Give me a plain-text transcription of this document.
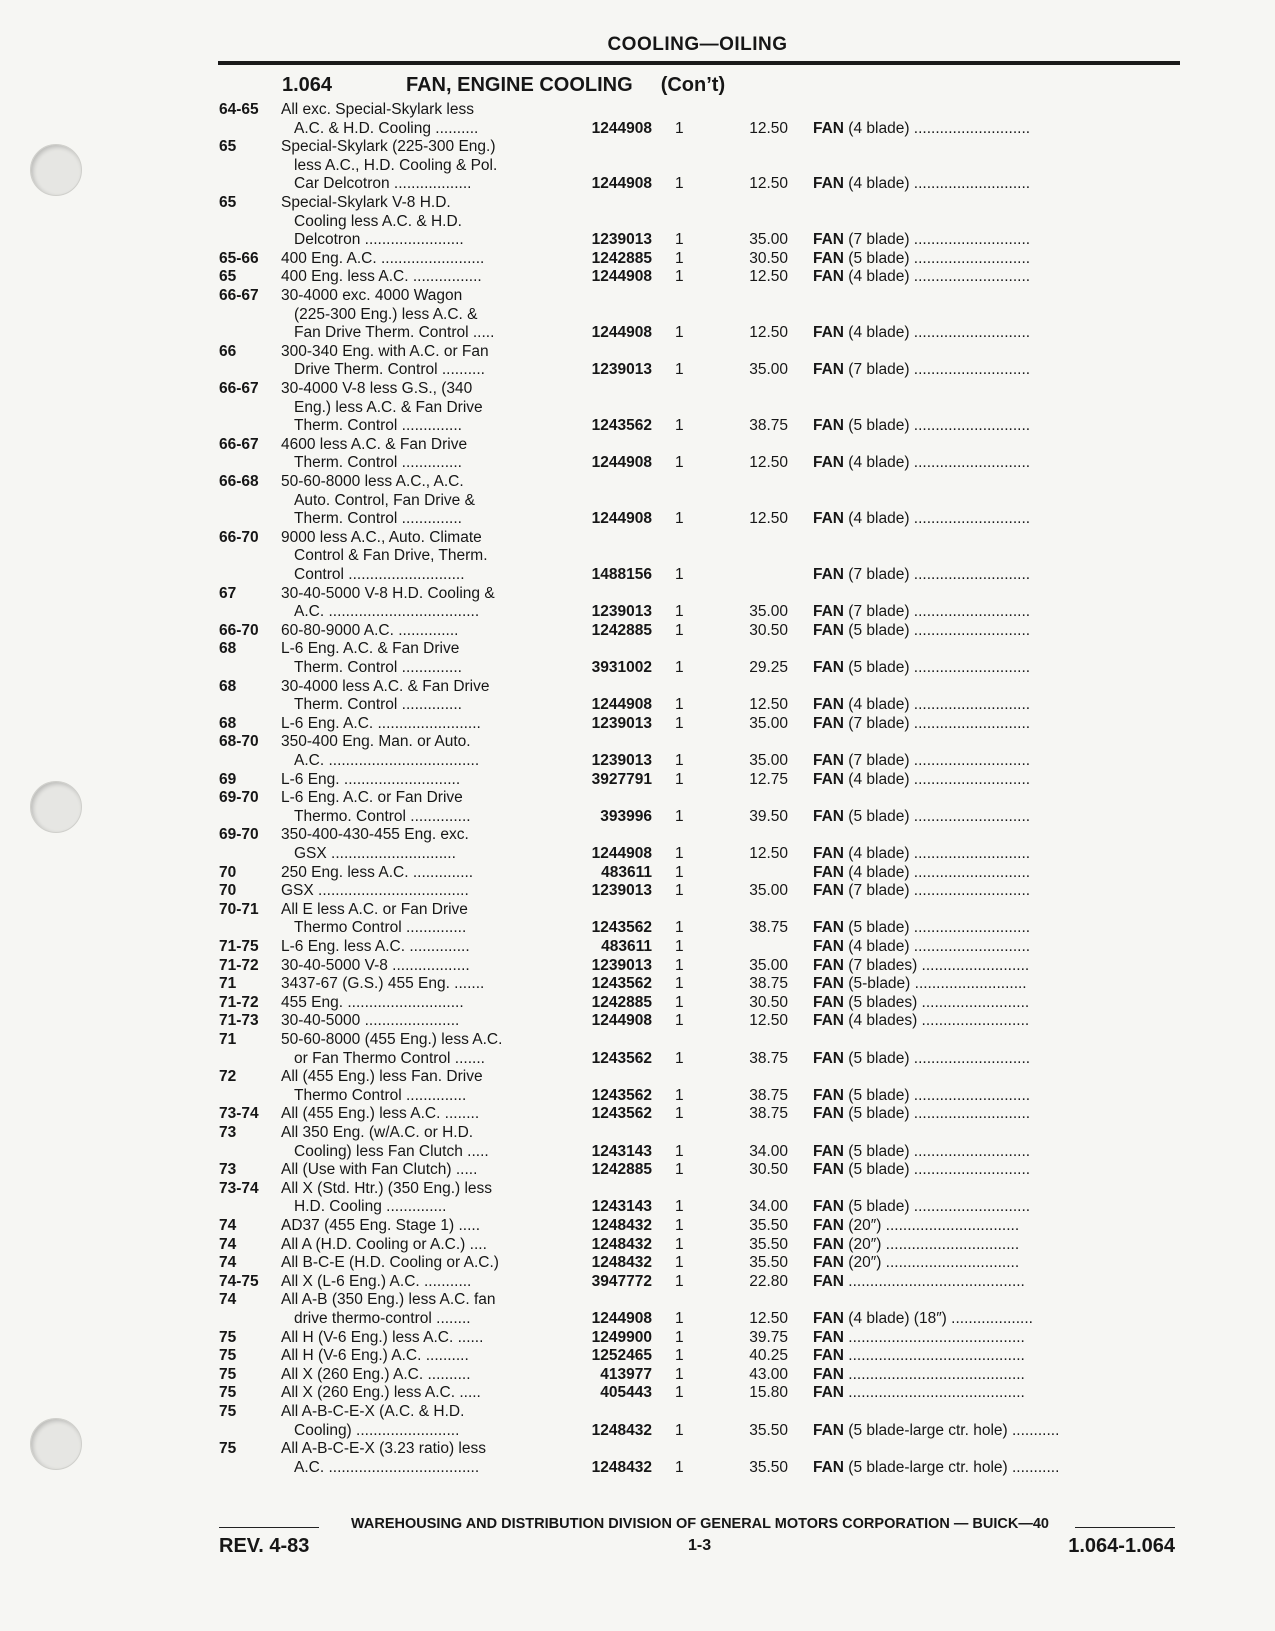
COOLING—OILING
1.064	FAN, ENGINE COOLING (Con’t)
64-65 All exc. Special-Skylark less
A.C. & H.D. Cooling ..........	1244908 1	12.50 FAN (4 blade) ...........................
65	Special-Skylark (225-300 Eng.)
less A.C., H.D. Cooling & Pol.
Car Delcotron ..................	1244908 1	12.50 FAN (4 blade) ...........................
65	Special-Skylark V-8 H.D.
Cooling less A.C. & H.D.
Delcotron .......................	1239013 1	35.00 FAN (7 blade) ...........................
65-66 400 Eng. A.C. ........................	1242885 1	30.50 FAN (5 blade) ...........................
65	400 Eng. less A.C. ................	1244908 1	12.50 FAN (4 blade) ...........................
66-67 30-4000 exc. 4000 Wagon
(225-300 Eng.) less A.C. &
Fan Drive Therm. Control .....	1244908 1	12.50 FAN (4 blade) ...........................
66	300-340 Eng. with A.C. or Fan
Drive Therm. Control ..........	1239013 1	35.00 FAN (7 blade) ...........................
66-67 30-4000 V-8 less G.S., (340
Eng.) less A.C. & Fan Drive
Therm. Control ..............	1243562 1	38.75 FAN (5 blade) ...........................
66-67 4600 less A.C. & Fan Drive
Therm. Control ..............	1244908 1	12.50 FAN (4 blade) ...........................
66-68 50-60-8000 less A.C., A.C.
Auto. Control, Fan Drive &
Therm. Control ..............	1244908 1	12.50 FAN (4 blade) ...........................
66-70 9000 less A.C., Auto. Climate
Control & Fan Drive, Therm.
Control ...........................	1488156 1	FAN (7 blade) ...........................
67	30-40-5000 V-8 H.D. Cooling &
A.C. ...................................	1239013 1	35.00 FAN (7 blade) ...........................
66-70 60-80-9000 A.C. ..............	1242885 1	30.50 FAN (5 blade) ...........................
68	L-6 Eng. A.C. & Fan Drive
Therm. Control ..............	3931002 1	29.25 FAN (5 blade) ...........................
68	30-4000 less A.C. & Fan Drive
Therm. Control ..............	1244908 1	12.50 FAN (4 blade) ...........................
68	L-6 Eng. A.C. ........................	1239013 1	35.00 FAN (7 blade) ...........................
68-70 350-400 Eng. Man. or Auto.
A.C. ...................................	1239013 1	35.00 FAN (7 blade) ...........................
69	L-6 Eng. ...........................	3927791 1	12.75 FAN (4 blade) ...........................
69-70 L-6 Eng. A.C. or Fan Drive
Thermo. Control ..............	393996 1	39.50 FAN (5 blade) ...........................
69-70 350-400-430-455 Eng. exc.
GSX .............................	1244908 1	12.50 FAN (4 blade) ...........................
70	250 Eng. less A.C. ..............	483611 1	FAN (4 blade) ...........................
70	GSX ...................................	1239013 1	35.00 FAN (7 blade) ...........................
70-71 All E less A.C. or Fan Drive
Thermo Control ..............	1243562 1	38.75 FAN (5 blade) ...........................
71-75 L-6 Eng. less A.C. ..............	483611 1	FAN (4 blade) ...........................
71-72 30-40-5000 V-8 ..................	1239013 1	35.00 FAN (7 blades) .........................
71	3437-67 (G.S.) 455 Eng. .......	1243562 1	38.75 FAN (5-blade) ..........................
71-72 455 Eng. ...........................	1242885 1	30.50 FAN (5 blades) .........................
71-73 30-40-5000 ......................	1244908 1	12.50 FAN (4 blades) .........................
71	50-60-8000 (455 Eng.) less A.C.
or Fan Thermo Control .......	1243562 1	38.75 FAN (5 blade) ...........................
72	All (455 Eng.) less Fan. Drive
Thermo Control ..............	1243562 1	38.75 FAN (5 blade) ...........................
73-74 All (455 Eng.) less A.C. ........	1243562 1	38.75 FAN (5 blade) ...........................
73	All 350 Eng. (w/A.C. or H.D.
Cooling) less Fan Clutch .....	1243143 1	34.00 FAN (5 blade) ...........................
73	All (Use with Fan Clutch) .....	1242885 1	30.50 FAN (5 blade) ...........................
73-74 All X (Std. Htr.) (350 Eng.) less
H.D. Cooling ..............	1243143 1	34.00 FAN (5 blade) ...........................
74	AD37 (455 Eng. Stage 1) .....	1248432 1	35.50 FAN (20″) ...............................
74	All A (H.D. Cooling or A.C.) ....	1248432 1	35.50 FAN (20″) ...............................
74	All B-C-E (H.D. Cooling or A.C.)	1248432 1	35.50 FAN (20″) ...............................
74-75 All X (L-6 Eng.) A.C. ...........	3947772 1	22.80 FAN .........................................
74	All A-B (350 Eng.) less A.C. fan
drive thermo-control ........	1244908 1	12.50 FAN (4 blade) (18″) ...................
75	All H (V-6 Eng.) less A.C. ......	1249900 1	39.75 FAN .........................................
75	All H (V-6 Eng.) A.C. ..........	1252465 1	40.25 FAN .........................................
75	All X (260 Eng.) A.C. ..........	413977 1	43.00 FAN .........................................
75	All X (260 Eng.) less A.C. .....	405443 1	15.80 FAN .........................................
75	All A-B-C-E-X (A.C. & H.D.
Cooling) ........................	1248432 1	35.50 FAN (5 blade-large ctr. hole) ...........
75	All A-B-C-E-X (3.23 ratio) less
A.C. ...................................	1248432 1	35.50 FAN (5 blade-large ctr. hole) ...........
WAREHOUSING AND DISTRIBUTION DIVISION OF GENERAL MOTORS CORPORATION — BUICK—40
REV. 4-83	1-3	1.064-1.064
